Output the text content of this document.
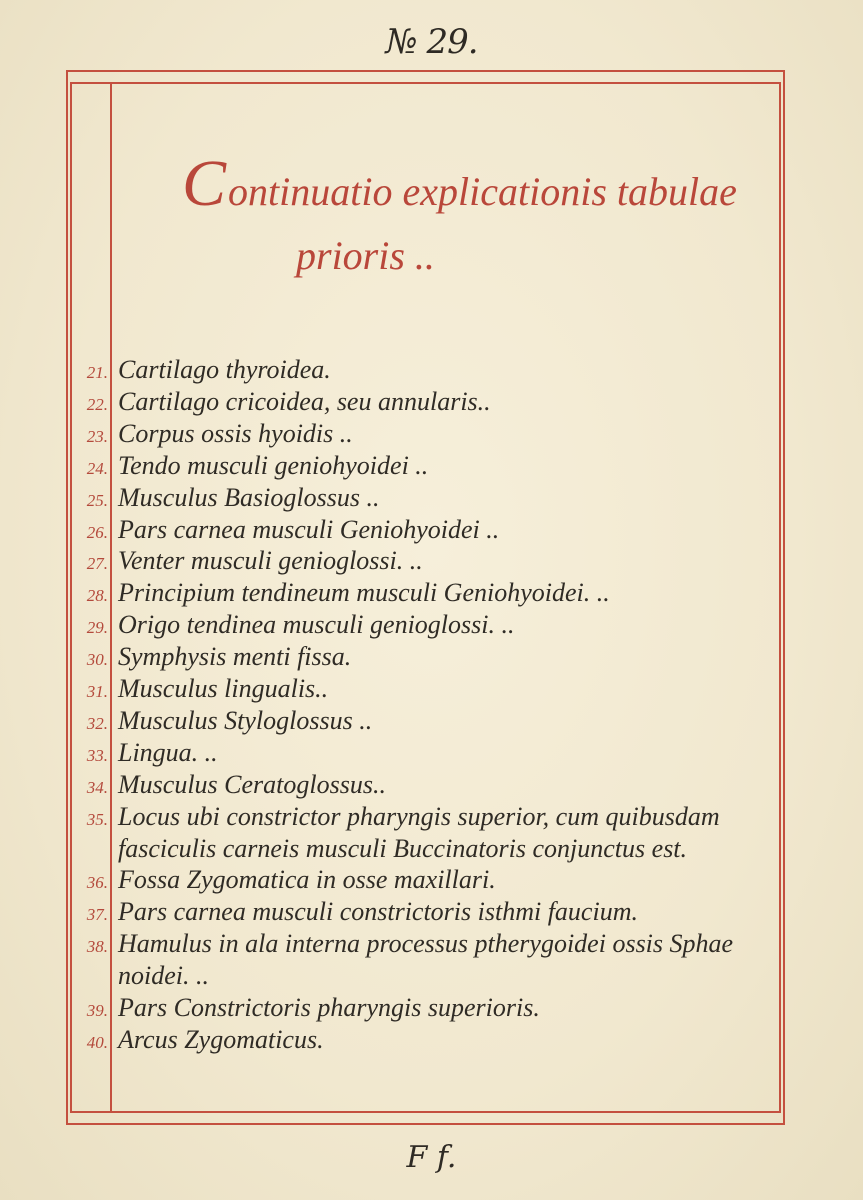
№ 29.
Continuatio explicationis tabulae
prioris ..
21. Cartilago thyroidea.
22. Cartilago cricoidea, seu annularis..
23. Corpus ossis hyoidis ..
24. Tendo musculi geniohyoidei ..
25. Musculus Basioglossus ..
26. Pars carnea musculi Geniohyoidei ..
27. Venter musculi genioglossi. ..
28. Principium tendineum musculi Geniohyoidei. ..
29. Origo tendinea musculi genioglossi. ..
30. Symphysis menti fissa.
31. Musculus lingualis..
32. Musculus Styloglossus ..
33. Lingua. ..
34. Musculus Ceratoglossus..
35. Locus ubi constrictor pharyngis superior, cum quibusdam
fasciculis carneis musculi Buccinatoris conjunctus est.
36. Fossa Zygomatica in osse maxillari.
37. Pars carnea musculi constrictoris isthmi faucium.
38. Hamulus in ala interna processus ptherygoidei ossis Sphae
noidei. ..
39. Pars Constrictoris pharyngis superioris.
40. Arcus Zygomaticus.
F f.
